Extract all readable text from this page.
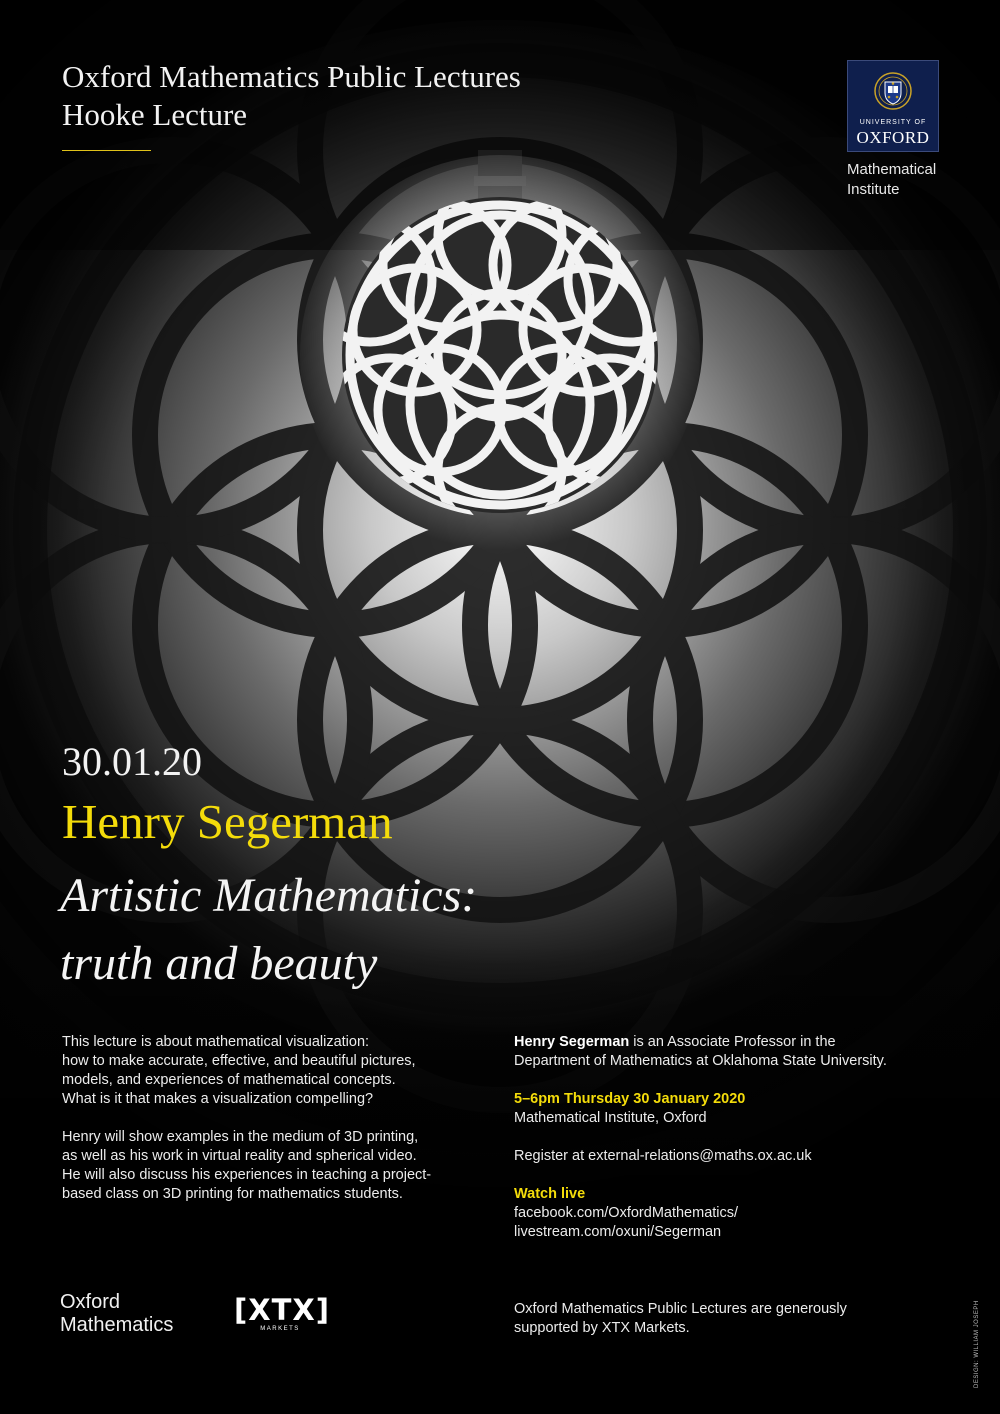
Oxford Mathematics Public Lectures
Hooke Lecture	UNIVERSITY OF
OXFORD
Mathematical
Institute
30.01.20
Henry Segerman
Artistic Mathematics:
truth and beauty

This lecture is about mathematical visualization:
how to make accurate, effective, and beautiful pictures,
models, and experiences of mathematical concepts.
What is it that makes a visualization compelling?

Henry will show examples in the medium of 3D printing,
as well as his work in virtual reality and spherical video.
He will also discuss his experiences in teaching a project-
based class on 3D printing for mathematics students.

Henry Segerman is an Associate Professor in the
Department of Mathematics at Oklahoma State University.

5–6pm Thursday 30 January 2020
Mathematical Institute, Oxford

Register at external-relations@maths.ox.ac.uk

Watch live
facebook.com/OxfordMathematics/
livestream.com/oxuni/Segerman

Oxford
Mathematics [XTX]
MARKETS
Oxford Mathematics Public Lectures are generously
supported by XTX Markets.	DESIGN: WILLIAM JOSEPH
